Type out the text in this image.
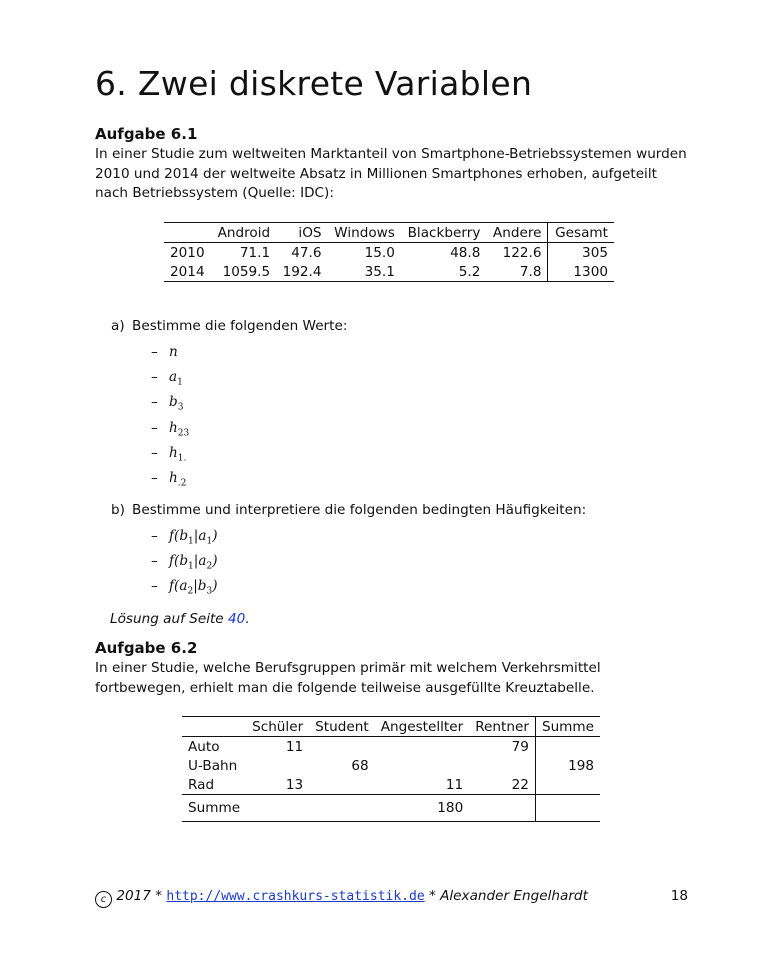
6. Zwei diskrete Variablen
Aufgabe 6.1
In einer Studie zum weltweiten Marktanteil von Smartphone-Betriebssystemen wurden 2010 und 2014 der weltweite Absatz in Millionen Smartphones erhoben, aufgeteilt nach Betriebssystem (Quelle: IDC):
	Android	iOS	Windows	Blackberry	Andere	Gesamt
2010	71.1	47.6	15.0	48.8	122.6	305
2014	1059.5	192.4	35.1	5.2	7.8	1300
a) Bestimme die folgenden Werte:
– n
– $a_1$
– $b_3$
– $h_{23}$
– $h_{1.}$
– $h_{.2}$
b) Bestimme und interpretiere die folgenden bedingten Häufigkeiten:
– $f(b_1|a_1)$
– $f(b_1|a_2)$
– $f(a_2|b_3)$
Lösung auf Seite 40.
Aufgabe 6.2
In einer Studie, welche Berufsgruppen primär mit welchem Verkehrsmittel fortbewegen, erhielt man die folgende teilweise ausgefüllte Kreuztabelle.
	Schüler	Student	Angestellter	Rentner	Summe
Auto	11			79	
U-Bahn		68			198
Rad	13		11	22	
Summe			180		
c 2017 * http://www.crashkurs-statistik.de * Alexander Engelhardt	18
